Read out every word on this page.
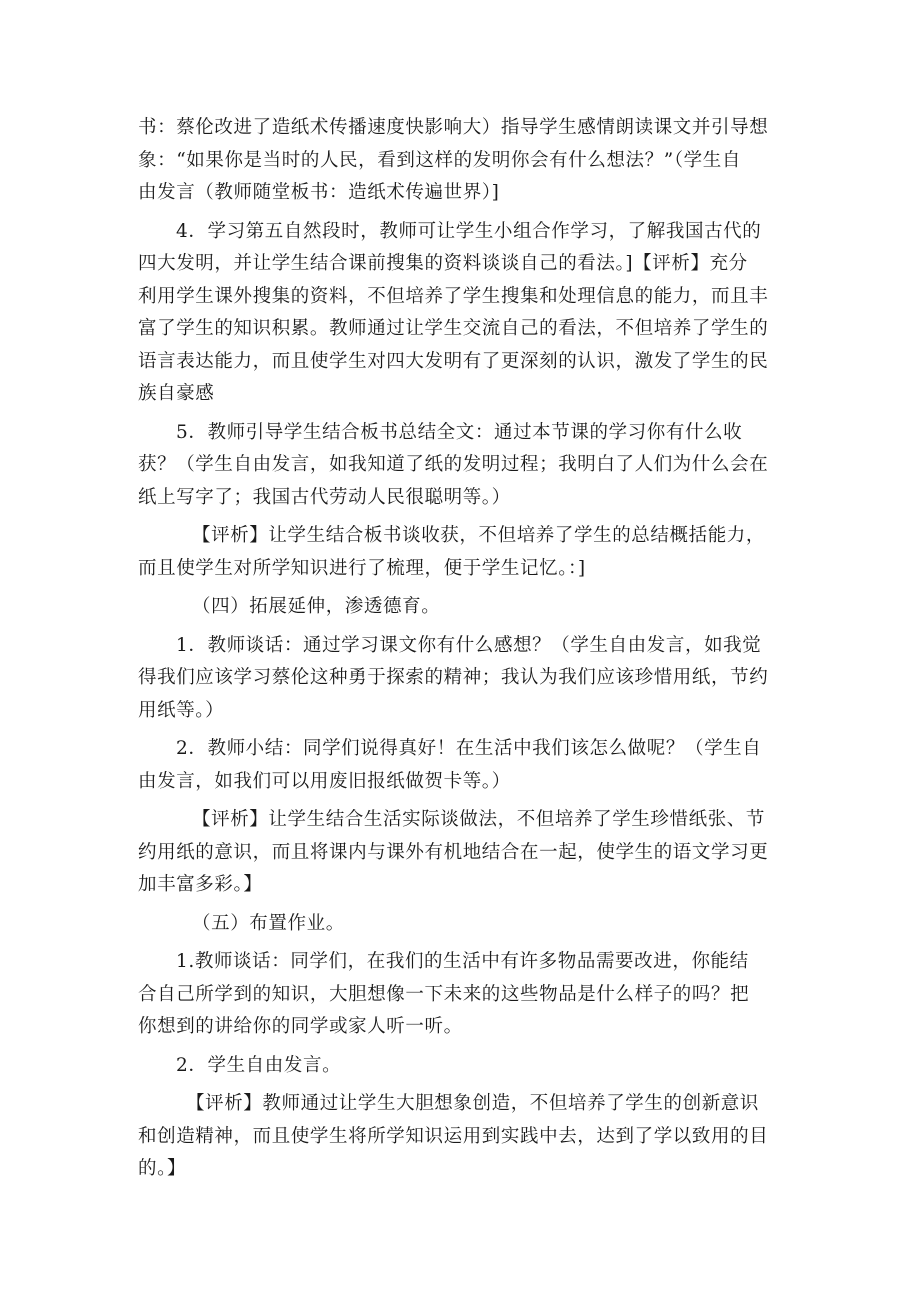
书：蔡伦改进了造纸术传播速度快影响大）指导学生感情朗读课文并引导想
象：“如果你是当时的人民，看到这样的发明你会有什么想法？”（学生自
由发言（教师随堂板书：造纸术传遍世界）]
4．学习第五自然段时，教师可让学生小组合作学习，了解我国古代的
四大发明，并让学生结合课前搜集的资料谈谈自己的看法。]【评析】充分
利用学生课外搜集的资料，不但培养了学生搜集和处理信息的能力，而且丰
富了学生的知识积累。教师通过让学生交流自己的看法，不但培养了学生的
语言表达能力，而且使学生对四大发明有了更深刻的认识，激发了学生的民
族自豪感
5．教师引导学生结合板书总结全文：通过本节课的学习你有什么收
获？（学生自由发言，如我知道了纸的发明过程；我明白了人们为什么会在
纸上写字了；我国古代劳动人民很聪明等。）
【评析】让学生结合板书谈收获，不但培养了学生的总结概括能力，
而且使学生对所学知识进行了梳理，便于学生记忆。：]
（四）拓展延伸，渗透德育。
1．教师谈话：通过学习课文你有什么感想？（学生自由发言，如我觉
得我们应该学习蔡伦这种勇于探索的精神；我认为我们应该珍惜用纸，节约
用纸等。）
2．教师小结：同学们说得真好！在生活中我们该怎么做呢？（学生自
由发言，如我们可以用废旧报纸做贺卡等。）
【评析】让学生结合生活实际谈做法，不但培养了学生珍惜纸张、节
约用纸的意识，而且将课内与课外有机地结合在一起，使学生的语文学习更
加丰富多彩。】
（五）布置作业。
1.教师谈话：同学们，在我们的生活中有许多物品需要改进，你能结
合自己所学到的知识，大胆想像一下未来的这些物品是什么样子的吗？把
你想到的讲给你的同学或家人听一听。
2．学生自由发言。
【评析】教师通过让学生大胆想象创造，不但培养了学生的创新意识
和创造精神，而且使学生将所学知识运用到实践中去，达到了学以致用的目
的。】
